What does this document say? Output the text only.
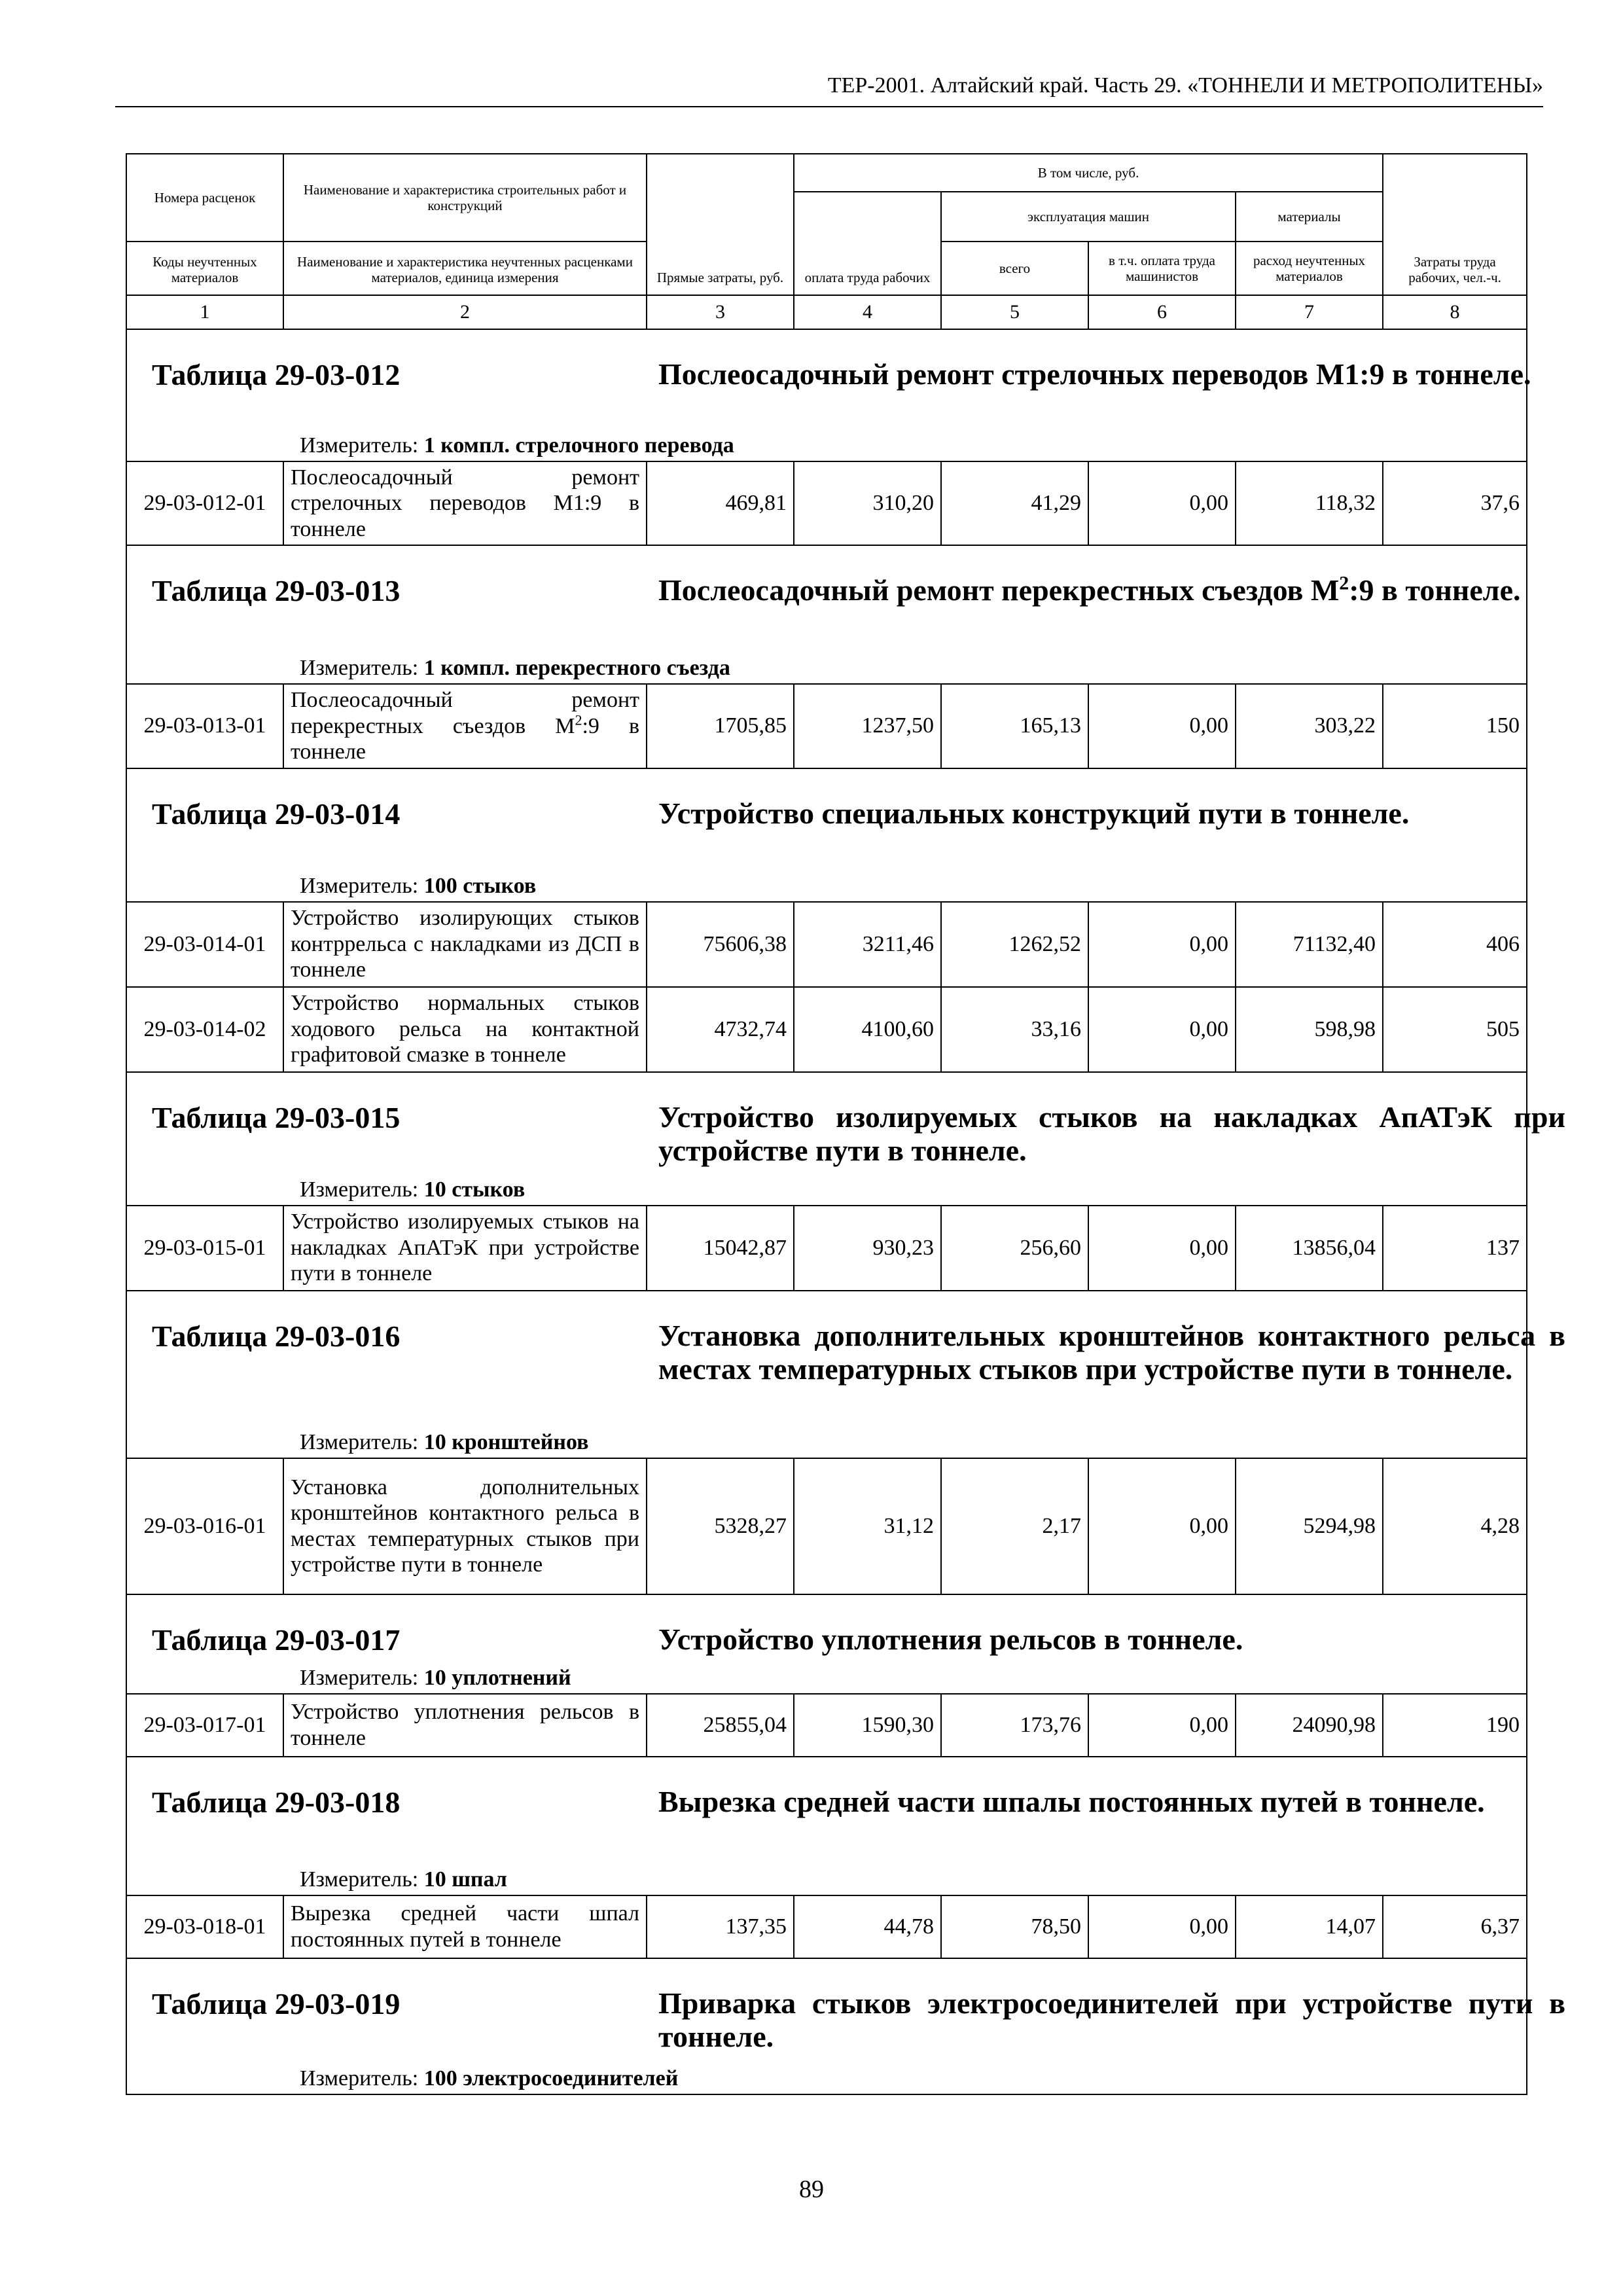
ТЕР-2001. Алтайский край. Часть 29. «ТОННЕЛИ И МЕТРОПОЛИТЕНЫ»
Номера расценок	Наименование и характеристика строительных работ и конструкций	Прямые затраты, руб.	В том числе, руб.				Затраты труда рабочих, чел.-ч.
			оплата труда рабочих	эксплуатация машин		материалы	
Коды неучтенных материалов	Наименование и характеристика неучтенных расценками материалов, единица измерения			всего	в т.ч. оплата труда машинистов	расход неучтенных материалов	

1	2	3	4	5	6	7	8

Таблица 29-03-012 Послеосадочный ремонт стрелочных переводов М1:9 в тоннеле.
Измеритель: 1 компл. стрелочного перевода							

29-03-012-01	Послеосадочный ремонт стрелочных переводов М1:9 в тоннеле	469,81	310,20	41,29	0,00	118,32	37,6

Таблица 29-03-013 Послеосадочный ремонт перекрестных съездов $М^2:9$ в тоннеле.
Измеритель: 1 компл. перекрестного съезда							

29-03-013-01	Послеосадочный ремонт перекрестных съездов $М^2:9$ в тоннеле	1705,85	1237,50	165,13	0,00	303,22	150

Таблица 29-03-014 Устройство специальных конструкций пути в тоннеле.
Измеритель: 100 стыков							

29-03-014-01	Устройство изолирующих стыков контррельса с накладками из ДСП в тоннеле	75606,38	3211,46	1262,52	0,00	71132,40	406
29-03-014-02	Устройство нормальных стыков ходового рельса на контактной графитовой смазке в тоннеле	4732,74	4100,60	33,16	0,00	598,98	505

Таблица 29-03-015 Устройство изолируемых стыков на накладках АпАТэК при устройстве пути в тоннеле.
Измеритель: 10 стыков							

29-03-015-01	Устройство изолируемых стыков на накладках АпАТэК при устройстве пути в тоннеле	15042,87	930,23	256,60	0,00	13856,04	137

Таблица 29-03-016 Установка дополнительных кронштейнов контактного рельса в местах температурных стыков при устройстве пути в тоннеле.
Измеритель: 10 кронштейнов							

29-03-016-01	Установка дополнительных кронштейнов контактного рельса в местах температурных стыков при устройстве пути в тоннеле	5328,27	31,12	2,17	0,00	5294,98	4,28

Таблица 29-03-017 Устройство уплотнения рельсов в тоннеле.
Измеритель: 10 уплотнений							

29-03-017-01	Устройство уплотнения рельсов в тоннеле	25855,04	1590,30	173,76	0,00	24090,98	190

Таблица 29-03-018 Вырезка средней части шпалы постоянных путей в тоннеле.
Измеритель: 10 шпал							

29-03-018-01	Вырезка средней части шпал постоянных путей в тоннеле	137,35	44,78	78,50	0,00	14,07	6,37

Таблица 29-03-019 Приварка стыков электросоединителей при устройстве пути в тоннеле.
Измеритель: 100 электросоединителей							
89
